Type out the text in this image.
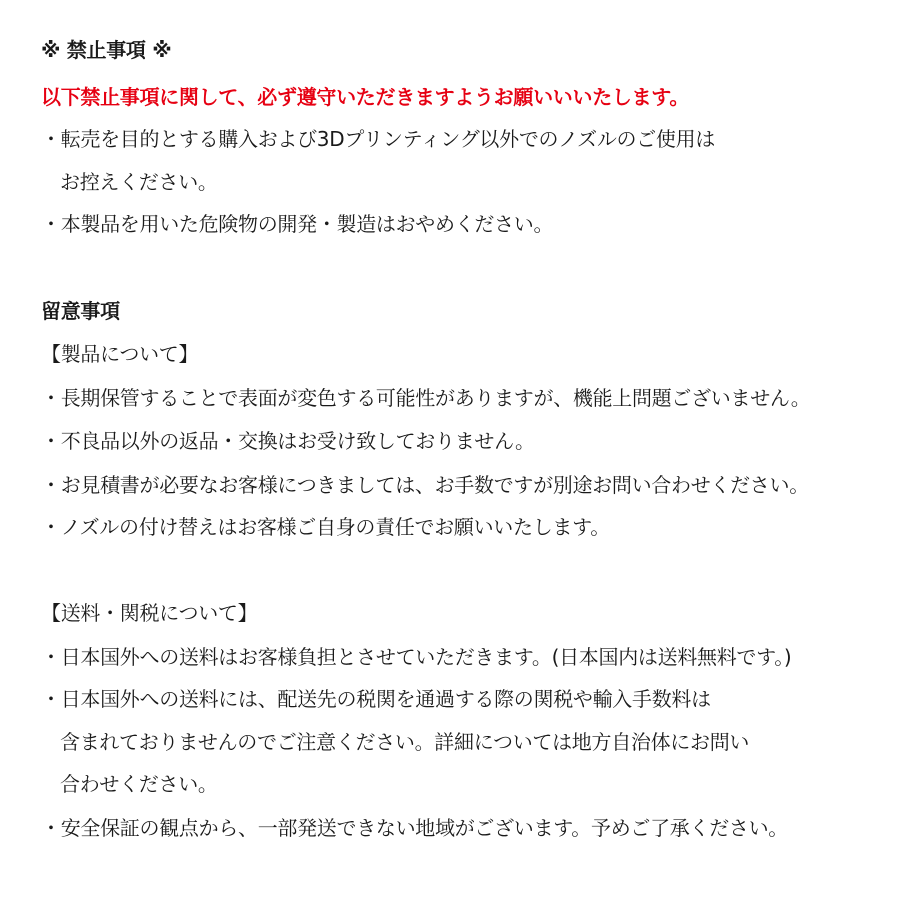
※ 禁止事項 ※
以下禁止事項に関して、必ず遵守いただきますようお願いいいたします。
・転売を目的とする購入および3Dプリンティング以外でのノズルのご使用は
お控えください。
・本製品を用いた危険物の開発・製造はおやめください。
留意事項
【製品について】
・長期保管することで表面が変色する可能性がありますが、機能上問題ございません。
・不良品以外の返品・交換はお受け致しておりません。
・お見積書が必要なお客様につきましては、お手数ですが別途お問い合わせください。
・ノズルの付け替えはお客様ご自身の責任でお願いいたします。
【送料・関税について】
・日本国外への送料はお客様負担とさせていただきます。(日本国内は送料無料です。)
・日本国外への送料には、配送先の税関を通過する際の関税や輸入手数料は
含まれておりませんのでご注意ください。詳細については地方自治体にお問い
合わせください。
・安全保証の観点から、一部発送できない地域がございます。予めご了承ください。
